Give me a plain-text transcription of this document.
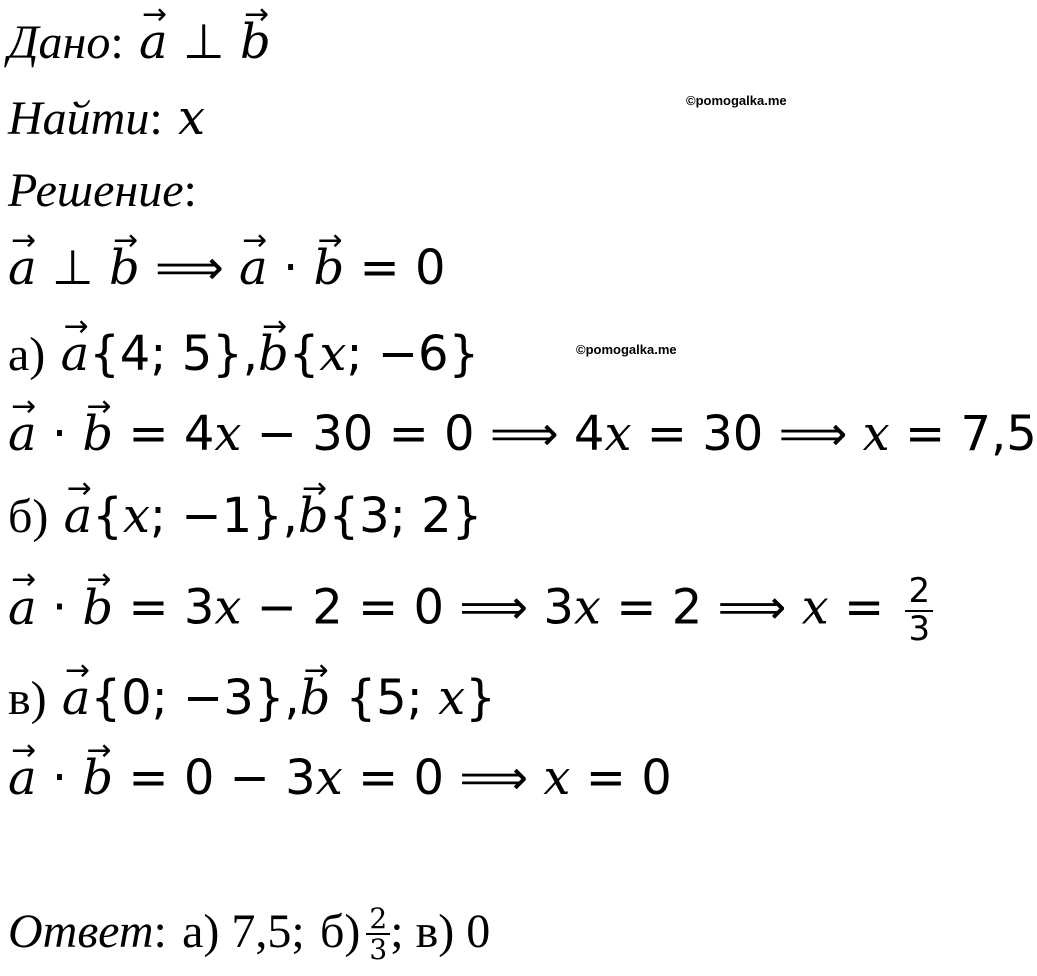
Дано: → a ⊥ → b
Найти: x	©pomogalka.me
Решение:
→ a ⊥ → b ⟹ → a · → b = 0
а) → a{4; 5},→ b{x; −6}	©pomogalka.me
→ a · → b = 4x − 30 = 0 ⟹ 4x = 30 ⟹ x = 7,5
б) → a{x; −1},→ b{3; 2}
→ a · → b = 3x − 2 = 0 ⟹ 3x = 2 ⟹ $x = \frac{2}{3}$
в) → a{0; −3},→ b {5; x}
→ a · → b = 0 − 3x = 0 ⟹ x = 0
Ответ: а) 7,5; $б) \frac{2}{3}$ ; в) 0
